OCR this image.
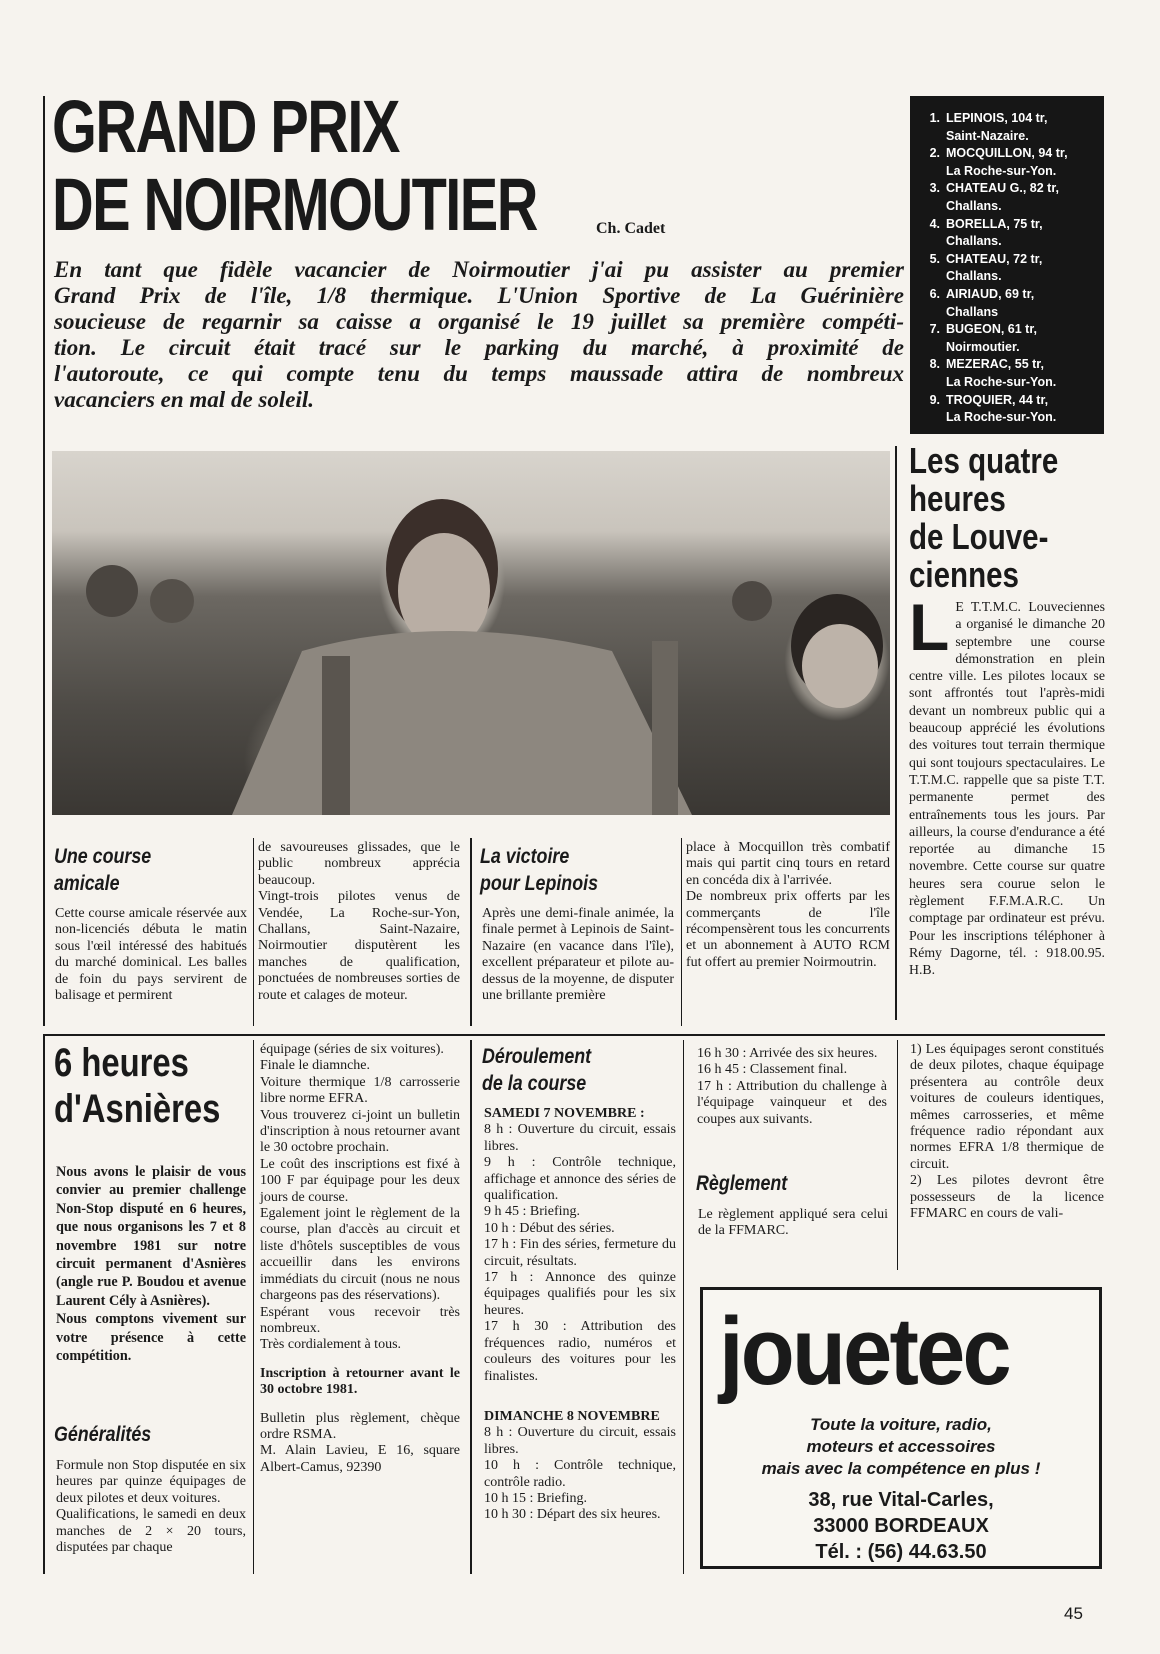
GRAND PRIX
DE NOIRMOUTIER	Ch. Cadet
En tant que fidèle vacancier de Noirmoutier j'ai pu assister au premier
Grand Prix de l'île, 1/8 thermique. L'Union Sportive de La Guérinière
soucieuse de regarnir sa caisse a organisé le 19 juillet sa première compéti-
tion. Le circuit était tracé sur le parking du marché, à proximité de
l'autoroute, ce qui compte tenu du temps maussade attira de nombreux
vacanciers en mal de soleil.
1. LEPINOIS, 104 tr,
Saint-Nazaire.
2. MOCQUILLON, 94 tr,
La Roche-sur-Yon.
3. CHATEAU G., 82 tr,
Challans.
4. BORELLA, 75 tr,
Challans.
5. CHATEAU, 72 tr,
Challans.
6. AIRIAUD, 69 tr,
Challans
7. BUGEON, 61 tr,
Noirmoutier.
8. MEZERAC, 55 tr,
La Roche-sur-Yon.
9. TROQUIER, 44 tr,
La Roche-sur-Yon.
Les quatre
heures
de Louve-
ciennes
L E T.T.M.C. Louveciennes a organisé le dimanche 20 septembre une course démonstration en plein centre ville. Les pilotes locaux se sont affrontés tout l'après-midi devant un nombreux public qui a beaucoup apprécié les évolutions des voitures tout terrain thermique qui sont toujours spectaculaires. Le T.T.M.C. rappelle que sa piste T.T. permanente permet des entraînements tous les jours. Par ailleurs, la course d'endurance a été reportée au dimanche 15 novembre. Cette course sur quatre heures sera courue selon le règlement F.F.M.A.R.C. Un comptage par ordinateur est prévu. Pour les inscriptions téléphoner à Rémy Dagorne, tél. : 918.00.95. H.B.
Une course
amicale
Cette course amicale réservée aux non-licenciés débuta le matin sous l'œil intéressé des habitués du marché dominical. Les balles de foin du pays servirent de balisage et permirent

de savoureuses glissades, que le public nombreux apprécia beaucoup.

Vingt-trois pilotes venus de Vendée, La Roche-sur-Yon, Challans, Saint-Nazaire, Noirmoutier disputèrent les manches de qualification, ponctuées de nombreuses sorties de route et calages de moteur.

La victoire
pour Lepinois
Après une demi-finale animée, la finale permet à Lepinois de Saint-Nazaire (en vacance dans l'île), excellent préparateur et pilote au-dessus de la moyenne, de disputer une brillante première

place à Mocquillon très combatif mais qui partit cinq tours en retard en concéda dix à l'arrivée.

De nombreux prix offerts par les commerçants de l'île récompensèrent tous les concurrents et un abonnement à AUTO RCM fut offert au premier Noirmoutrin.

6 heures
d'Asnières

Nous avons le plaisir de vous convier au premier challenge Non-Stop disputé en 6 heures, que nous organisons les 7 et 8 novembre 1981 sur notre circuit permanent d'Asnières (angle rue P. Boudou et avenue Laurent Cély à Asnières).

Nous comptons vivement sur votre présence à cette compétition.

Généralités

Formule non Stop disputée en six heures par quinze équipages de deux pilotes et deux voitures.

Qualifications, le samedi en deux manches de 2 × 20 tours, disputées par chaque

équipage (séries de six voitures).

Finale le diamnche.

Voiture thermique 1/8 carrosserie libre norme EFRA.

Vous trouverez ci-joint un bulletin d'inscription à nous retourner avant le 30 octobre prochain.

Le coût des inscriptions est fixé à 100 F par équipage pour les deux jours de course.

Egalement joint le règlement de la course, plan d'accès au circuit et liste d'hôtels susceptibles de vous accueillir dans les environs immédiats du circuit (nous ne nous chargeons pas des réservations).

Espérant vous recevoir très nombreux.

Très cordialement à tous.

Inscription à retourner avant le 30 octobre 1981.

Bulletin plus règlement, chèque ordre RSMA.

M. Alain Lavieu, E 16, square Albert-Camus, 92390

Déroulement
de la course

SAMEDI 7 NOVEMBRE :

8 h : Ouverture du circuit, essais libres.

9 h : Contrôle technique, affichage et annonce des séries de qualification.

9 h 45 : Briefing.

10 h : Début des séries.

17 h : Fin des séries, fermeture du circuit, résultats.

17 h : Annonce des quinze équipages qualifiés pour les six heures.

17 h 30 : Attribution des fréquences radio, numéros et couleurs des voitures pour les finalistes.

DIMANCHE 8 NOVEMBRE

8 h : Ouverture du circuit, essais libres.

10 h : Contrôle technique, contrôle radio.

10 h 15 : Briefing.

10 h 30 : Départ des six heures.

16 h 30 : Arrivée des six heures.

16 h 45 : Classement final.

17 h : Attribution du challenge à l'équipage vainqueur et des coupes aux suivants.

Règlement
Le règlement appliqué sera celui de la FFMARC.

1) Les équipages seront constitués de deux pilotes, chaque équipage présentera au contrôle deux voitures de couleurs identiques, mêmes carrosseries, et même fréquence radio répondant aux normes EFRA 1/8 thermique de circuit.

2) Les pilotes devront être possesseurs de la licence FFMARC en cours de vali-

jouetec
Toute la voiture, radio,
moteurs et accessoires
mais avec la compétence en plus !
38, rue Vital-Carles,
33000 BORDEAUX
Tél. : (56) 44.63.50
45
